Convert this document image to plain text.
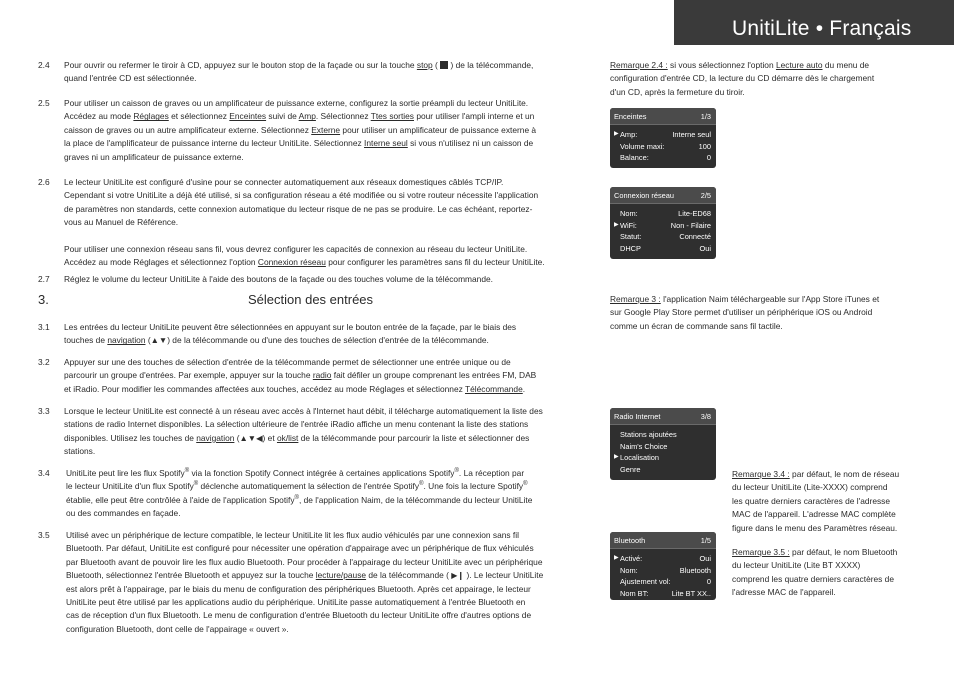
UnitiLite • Français
2.4 Pour ouvrir ou refermer le tiroir à CD, appuyez sur le bouton stop de la façade ou sur la touche stop (  ) de la télécommande,
quand l'entrée CD est sélectionnée.
2.5 Pour utiliser un caisson de graves ou un amplificateur de puissance externe, configurez la sortie préampli du lecteur UnitiLite.
Accédez au mode Réglages et sélectionnez Enceintes suivi de Amp. Sélectionnez Ttes sorties pour utiliser l'ampli interne et un
caisson de graves ou un autre amplificateur externe. Sélectionnez Externe pour utiliser un amplificateur de puissance externe à
la place de l'amplificateur de puissance interne du lecteur UnitiLite. Sélectionnez Interne seul si vous n'utilisez ni un caisson de
graves ni un amplificateur de puissance externe.
2.6 Le lecteur UnitiLite est configuré d'usine pour se connecter automatiquement aux réseaux domestiques câblés TCP/IP.
Cependant si votre UnitiLite a déjà été utilisé, si sa configuration réseau a été modifiée ou si votre routeur nécessite l'application
de paramètres non standards, cette connexion automatique du lecteur risque de ne pas se produire. Le cas échéant, reportez-
vous au Manuel de Référence.
Pour utiliser une connexion réseau sans fil, vous devrez configurer les capacités de connexion au réseau du lecteur UnitiLite.
Accédez au mode Réglages et sélectionnez l'option Connexion réseau pour configurer les paramètres sans fil du lecteur UnitiLite.
2.7 Réglez le volume du lecteur UnitiLite à l'aide des boutons de la façade ou des touches volume de la télécommande.
3.	Sélection des entrées
3.1 Les entrées du lecteur UnitiLite peuvent être sélectionnées en appuyant sur le bouton entrée de la façade, par le biais des
touches de navigation (▲▼) de la télécommande ou d'une des touches de sélection d'entrée de la télécommande.
3.2 Appuyer sur une des touches de sélection d'entrée de la télécommande permet de sélectionner une entrée unique ou de
parcourir un groupe d'entrées. Par exemple, appuyer sur la touche radio fait défiler un groupe comprenant les entrées FM, DAB
et iRadio. Pour modifier les commandes affectées aux touches, accédez au mode Réglages et sélectionnez Télécommande.
3.3 Lorsque le lecteur UnitiLite est connecté à un réseau avec accès à l'Internet haut débit, il télécharge automatiquement la liste des
stations de radio Internet disponibles. La sélection ultérieure de l'entrée iRadio affiche un menu contenant la liste des stations
disponibles. Utilisez les touches de navigation (▲▼◀) et ok/list de la télécommande pour parcourir la liste et sélectionner des
stations.
3.4 UnitiLite peut lire les flux Spotify® via la fonction Spotify Connect intégrée à certaines applications Spotify®. La réception par
le lecteur UnitiLite d'un flux Spotify® déclenche automatiquement la sélection de l'entrée Spotify®. Une fois la lecture Spotify®
établie, elle peut être contrôlée à l'aide de l'application Spotify®, de l'application Naim, de la télécommande du lecteur UnitiLite
ou des commandes en façade.
3.5 Utilisé avec un périphérique de lecture compatible, le lecteur UnitiLite lit les flux audio véhiculés par une connexion sans fil
Bluetooth. Par défaut, UnitiLite est configuré pour nécessiter une opération d'appairage avec un périphérique de flux véhiculés
par Bluetooth avant de pouvoir lire les flux audio Bluetooth. Pour procéder à l'appairage du lecteur UnitiLite avec un périphérique
Bluetooth, sélectionnez l'entrée Bluetooth et appuyez sur la touche lecture/pause de la télécommande ( ▶❙ ). Le lecteur UnitiLite
est alors prêt à l'appairage, par le biais du menu de configuration des périphériques Bluetooth. Après cet appairage, le lecteur
UnitiLite peut être utilisé par les applications audio du périphérique. UnitiLite passe automatiquement à l'entrée Bluetooth en
cas de réception d'un flux Bluetooth. Le menu de configuration d'entrée Bluetooth du lecteur UnitiLite offre d'autres options de
configuration Bluetooth, dont celle de l'appairage « ouvert ».
Remarque 2.4 : si vous sélectionnez l'option Lecture auto du menu de
configuration d'entrée CD, la lecture du CD démarre dès le chargement
d'un CD, après la fermeture du tiroir.
Remarque 3 : l'application Naim téléchargeable sur l'App Store iTunes et
sur Google Play Store permet d'utiliser un périphérique iOS ou Android
comme un écran de commande sans fil tactile.
Remarque 3.4 : par défaut, le nom de réseau
du lecteur UnitiLite (Lite-XXXX) comprend
les quatre derniers caractères de l'adresse
MAC de l'appareil. L'adresse MAC complète
figure dans le menu des Paramètres réseau.
Remarque 3.5 : par défaut, le nom Bluetooth
du lecteur UnitiLite (Lite BT XXXX)
comprend les quatre derniers caractères de
l'adresse MAC de l'appareil.
Enceintes	1/3
▶ Amp:	Interne seul
Volume maxi:	100
Balance:	0
Connexion réseau	2/5
Nom:	Lite-ED68
▶ WiFi:	Non - Filaire
Statut:	Connecté
DHCP	Oui
Radio Internet	3/8
Stations ajoutées
Naim's Choice
▶ Localisation
Genre
Bluetooth	1/5
▶ Activé:	Oui
Nom:	Bluetooth
Ajustement vol:	0
Nom BT:	Lite BT XX..
